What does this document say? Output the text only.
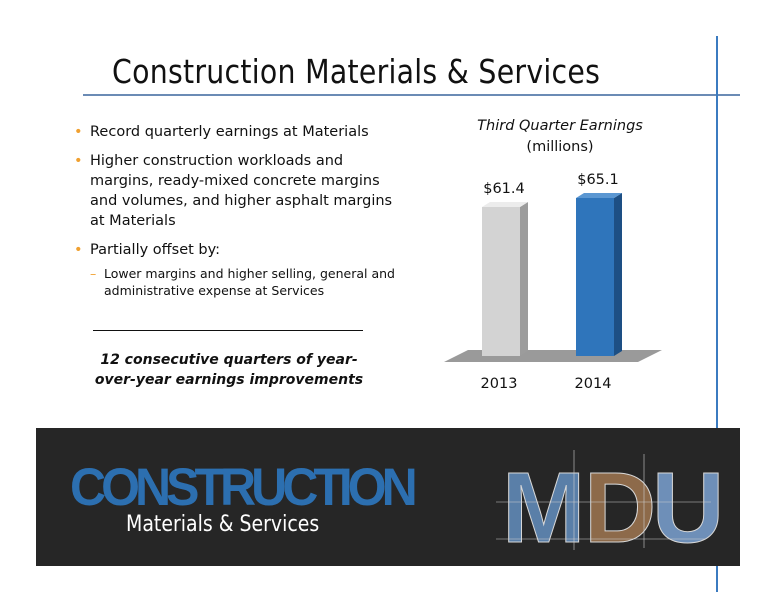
Construction Materials & Services
• Record quarterly earnings at Materials
• Higher construction workloads and margins, ready-mixed concrete margins and volumes, and higher asphalt margins at Materials
• Partially offset by:
– Lower margins and higher selling, general and administrative expense at Services
12 consecutive quarters of year-over-year earnings improvements
Third Quarter Earnings
(millions)
$61.4
2013
$65.1
2014
CONSTRUCTION
Materials & Services M
D
U
